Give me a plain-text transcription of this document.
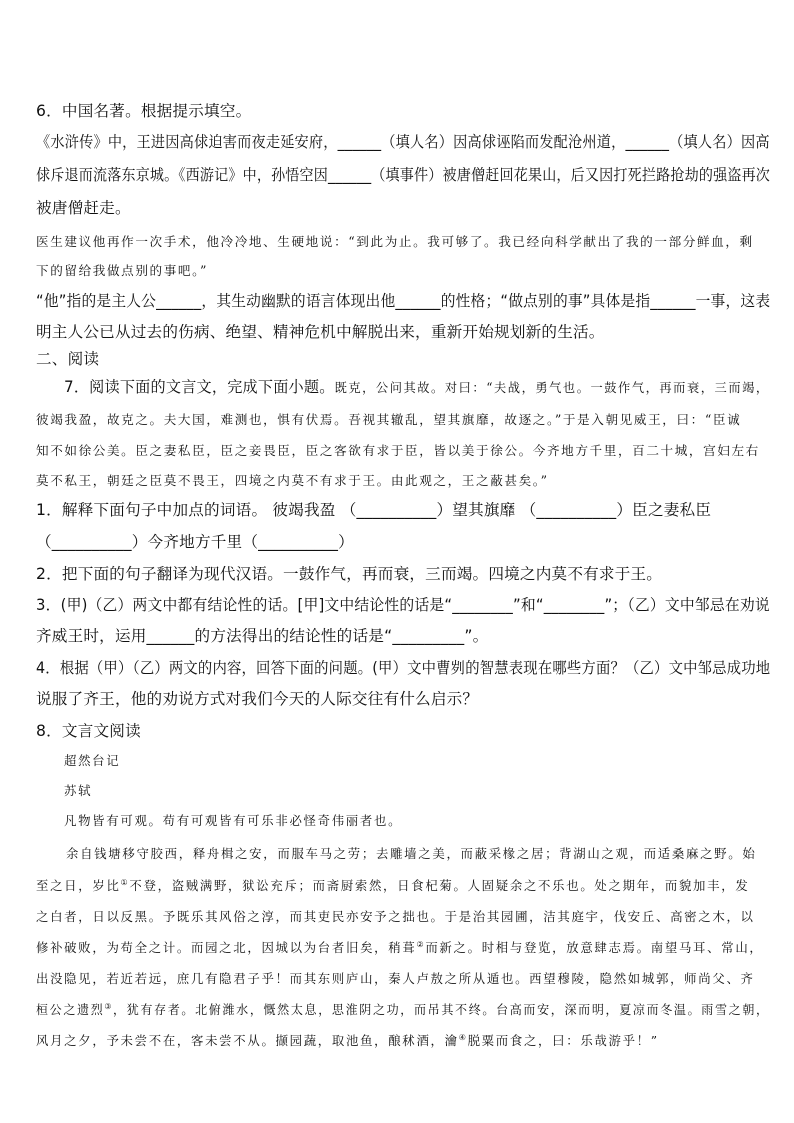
6．中国名著。根据提示填空。
《水浒传》中，王进因高俅迫害而夜走延安府，______（填人名）因高俅诬陷而发配沧州道，______（填人名）因高
俅斥退而流落东京城。《西游记》中，孙悟空因______（填事件）被唐僧赶回花果山，后又因打死拦路抢劫的强盗再次
被唐僧赶走。
医生建议他再作一次手术，他冷冷地、生硬地说：“到此为止。我可够了。我已经向科学献出了我的一部分鲜血，剩
下的留给我做点别的事吧。”
“他”指的是主人公______，其生动幽默的语言体现出他______的性格；“做点别的事”具体是指______一事，这表
明主人公已从过去的伤病、绝望、精神危机中解脱出来，重新开始规划新的生活。
二、阅读
7．阅读下面的文言文，完成下面小题。既克，公问其故。对曰：“夫战，勇气也。一鼓作气，再而衰，三而竭，
彼竭我盈，故克之。夫大国，难测也，惧有伏焉。吾视其辙乱，望其旗靡，故逐之。”于是入朝见威王，曰：“臣诚
知不如徐公美。臣之妻私臣，臣之妾畏臣，臣之客欲有求于臣，皆以美于徐公。今齐地方千里，百二十城，宫妇左右
莫不私王，朝廷之臣莫不畏王，四境之内莫不有求于王。由此观之，王之蔽甚矣。”
1．解释下面句子中加点的词语。 彼竭我盈 （__________）望其旗靡 （__________）臣之妻私臣
（__________）今齐地方千里（__________）
2．把下面的句子翻译为现代汉语。一鼓作气，再而衰，三而竭。四境之内莫不有求于王。
3．(甲)（乙）两文中都有结论性的话。[甲]文中结论性的话是“________”和“________”；（乙）文中邹忌在劝说
齐威王时，运用______的方法得出的结论性的话是“_________”。
4．根据（甲）（乙）两文的内容，回答下面的问题。(甲）文中曹刿的智慧表现在哪些方面？（乙）文中邹忌成功地
说服了齐王，他的劝说方式对我们今天的人际交往有什么启示？
8．文言文阅读
超然台记
苏轼
凡物皆有可观。苟有可观皆有可乐非必怪奇伟丽者也。
余自钱塘移守胶西，释舟楫之安，而服车马之劳；去雕墙之美，而蔽采椽之居；背湖山之观，而适桑麻之野。始
至之日，岁比①不登，盗贼满野，狱讼充斥；而斋厨索然，日食杞菊。人固疑余之不乐也。处之期年，而貌加丰，发
之白者，日以反黑。予既乐其风俗之淳，而其吏民亦安予之拙也。于是治其园圃，洁其庭宇，伐安丘、高密之木，以
修补破败，为苟全之计。而园之北，因城以为台者旧矣，稍葺②而新之。时相与登览，放意肆志焉。南望马耳、常山，
出没隐见，若近若远，庶几有隐君子乎！而其东则庐山，秦人卢敖之所从遁也。西望穆陵，隐然如城郭，师尚父、齐
桓公之遗烈③，犹有存者。北俯潍水，慨然太息，思淮阴之功，而吊其不终。台高而安，深而明，夏凉而冬温。雨雪之朝，
风月之夕，予未尝不在，客未尝不从。撷园蔬，取池鱼，酿秫酒，瀹④脱粟而食之，曰：乐哉游乎！”
